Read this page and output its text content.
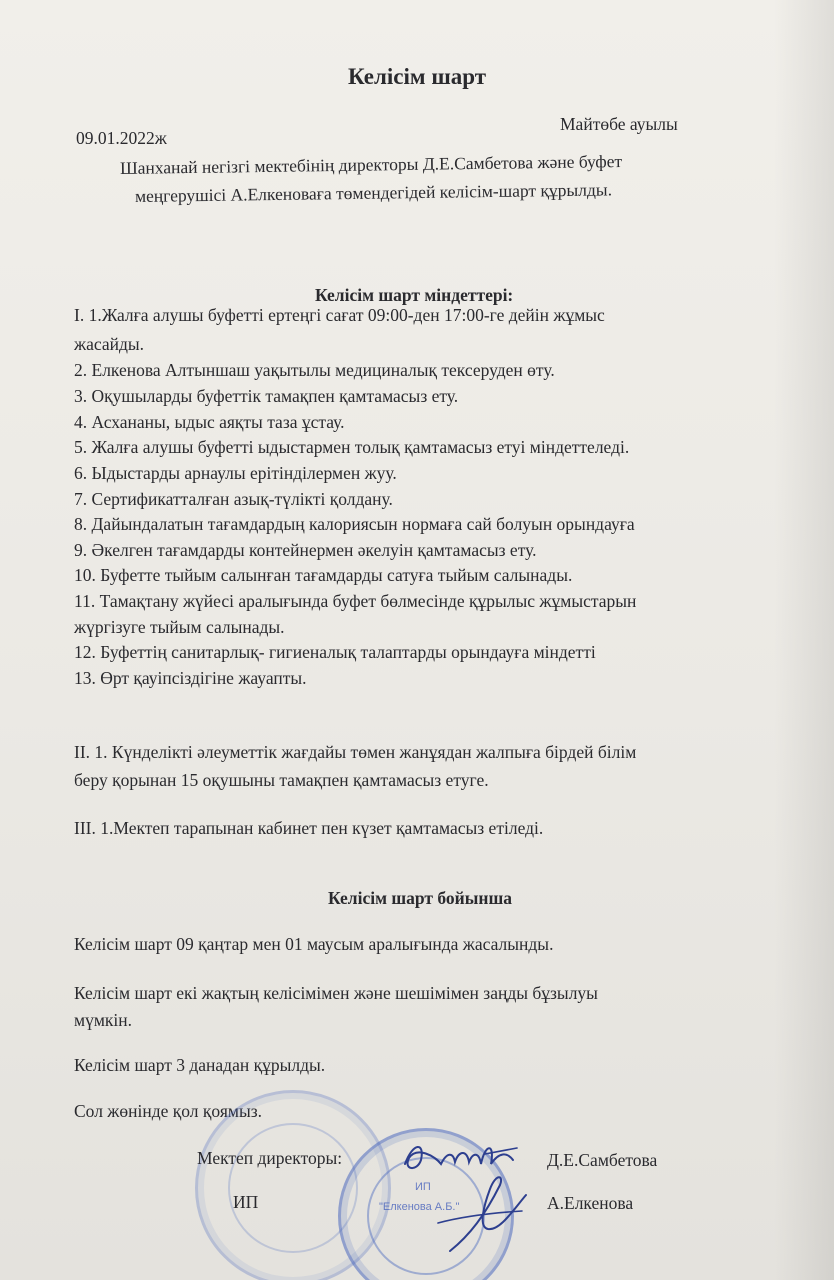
Келісім шарт
09.01.2022ж
Майтөбе ауылы
Шанханай негізгі мектебінің директоры Д.Е.Самбетова және буфет
меңгерушісі А.Елкеноваға төмендегідей келісім-шарт құрылды.
Келісім шарт міндеттері:
I. 1.Жалға алушы буфетті ертеңгі сағат 09:00-ден 17:00-ге дейін жұмыс
жасайды.
2. Елкенова Алтыншаш уақытылы медициналық тексеруден өту.
3. Оқушыларды буфеттік тамақпен қамтамасыз ету.
4. Асхананы, ыдыс аяқты таза ұстау.
5. Жалға алушы буфетті ыдыстармен толық қамтамасыз етуі міндеттеледі.
6. Ыдыстарды арнаулы ерітінділермен жуу.
7. Сертификатталған азық-түлікті қолдану.
8. Дайындалатын тағамдардың калориясын нормаға сай болуын орындауға
9. Әкелген тағамдарды контейнермен әкелуін қамтамасыз ету.
10. Буфетте тыйым салынған тағамдарды сатуға тыйым салынады.
11. Тамақтану жүйесі аралығында буфет бөлмесінде құрылыс жұмыстарын
жүргізуге тыйым салынады.
12. Буфеттің санитарлық- гигиеналық талаптарды орындауға міндетті
13. Өрт қауіпсіздігіне жауапты.
II. 1. Күнделікті әлеуметтік жағдайы төмен жанұядан жалпыға бірдей білім
беру қорынан 15 оқушыны тамақпен қамтамасыз етуге.
III. 1.Мектеп тарапынан кабинет пен күзет қамтамасыз етіледі.
Келісім шарт бойынша
Келісім шарт 09 қаңтар мен 01 маусым аралығында жасалынды.
Келісім шарт екі жақтың келісімімен және шешімімен заңды бұзылуы
мүмкін.
Келісім шарт 3 данадан құрылды.
Сол жөнінде қол қоямыз.
ИП
"Елкенова А.Б."
Мектеп директоры:	Д.Е.Самбетова
ИП	А.Елкенова
